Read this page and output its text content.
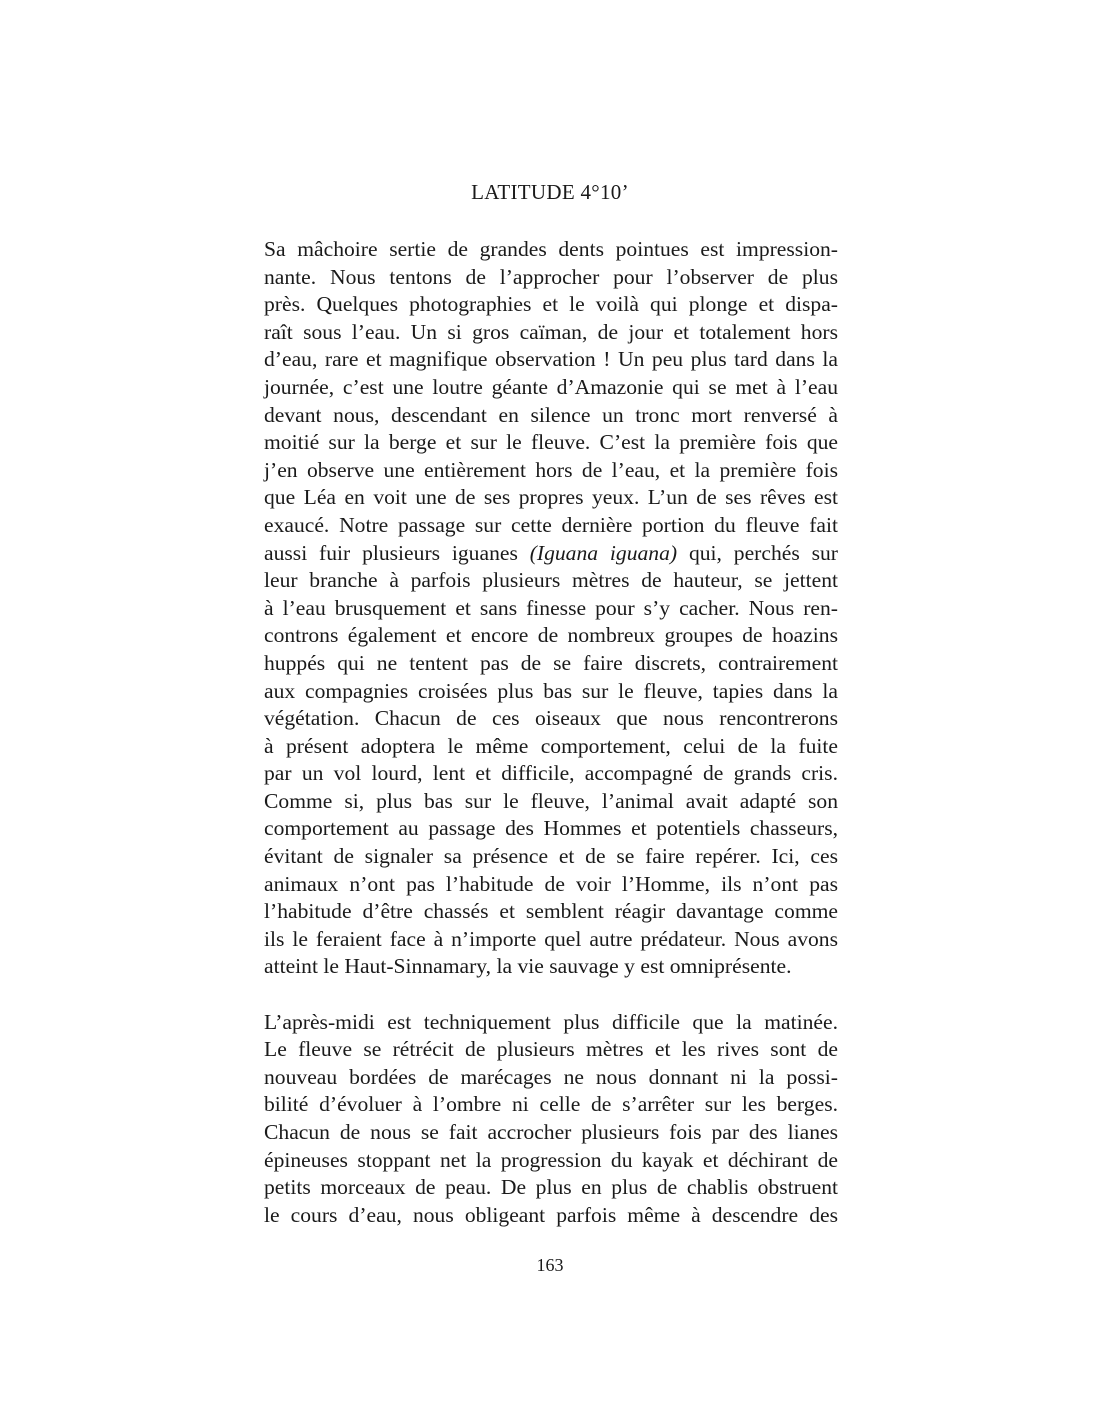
LATITUDE 4°10’
Sa mâchoire sertie de grandes dents pointues est impression-
nante. Nous tentons de l’approcher pour l’observer de plus
près. Quelques photographies et le voilà qui plonge et dispa-
raît sous l’eau. Un si gros caïman, de jour et totalement hors
d’eau, rare et magnifique observation ! Un peu plus tard dans la
journée, c’est une loutre géante d’Amazonie qui se met à l’eau
devant nous, descendant en silence un tronc mort renversé à
moitié sur la berge et sur le fleuve. C’est la première fois que
j’en observe une entièrement hors de l’eau, et la première fois
que Léa en voit une de ses propres yeux. L’un de ses rêves est
exaucé. Notre passage sur cette dernière portion du fleuve fait
aussi fuir plusieurs iguanes (Iguana iguana) qui, perchés sur
leur branche à parfois plusieurs mètres de hauteur, se jettent
à l’eau brusquement et sans finesse pour s’y cacher. Nous ren-
controns également et encore de nombreux groupes de hoazins
huppés qui ne tentent pas de se faire discrets, contrairement
aux compagnies croisées plus bas sur le fleuve, tapies dans la
végétation. Chacun de ces oiseaux que nous rencontrerons
à présent adoptera le même comportement, celui de la fuite
par un vol lourd, lent et difficile, accompagné de grands cris.
Comme si, plus bas sur le fleuve, l’animal avait adapté son
comportement au passage des Hommes et potentiels chasseurs,
évitant de signaler sa présence et de se faire repérer. Ici, ces
animaux n’ont pas l’habitude de voir l’Homme, ils n’ont pas
l’habitude d’être chassés et semblent réagir davantage comme
ils le feraient face à n’importe quel autre prédateur. Nous avons
atteint le Haut-Sinnamary, la vie sauvage y est omniprésente.
L’après-midi est techniquement plus difficile que la matinée.
Le fleuve se rétrécit de plusieurs mètres et les rives sont de
nouveau bordées de marécages ne nous donnant ni la possi-
bilité d’évoluer à l’ombre ni celle de s’arrêter sur les berges.
Chacun de nous se fait accrocher plusieurs fois par des lianes
épineuses stoppant net la progression du kayak et déchirant de
petits morceaux de peau. De plus en plus de chablis obstruent
le cours d’eau, nous obligeant parfois même à descendre des
163
